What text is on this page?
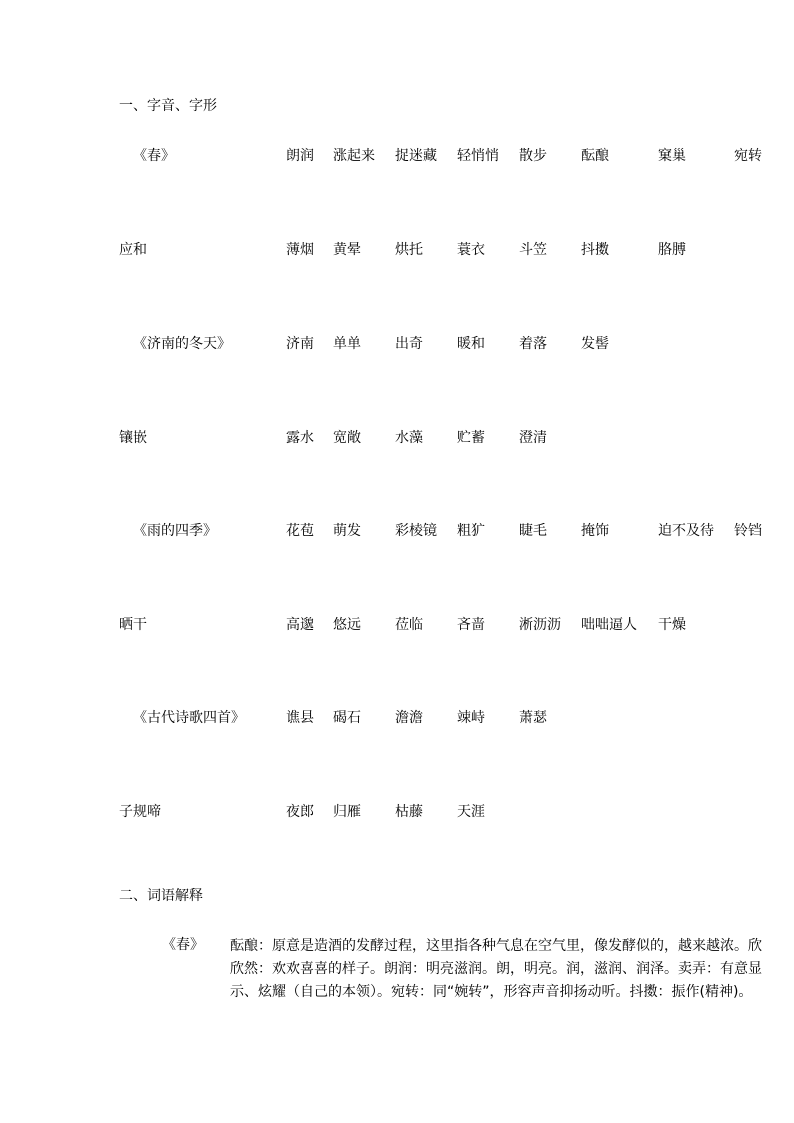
一、字音、字形
《春》	朗润 涨起来 捉迷藏 轻悄悄 散步 酝酿	窠巢	宛转
应和	薄烟 黄晕 烘托 蓑衣 斗笠 抖擞	胳膊
《济南的冬天》	济南 单单 出奇 暖和 着落 发髻
镶嵌	露水 宽敞 水藻 贮蓄 澄清
《雨的四季》	花苞 萌发 彩棱镜 粗犷 睫毛 掩饰	迫不及待 铃铛
晒干	高邈 悠远 莅临 吝啬 淅沥沥 咄咄逼人 干燥
《古代诗歌四首》	谯县 碣石 澹澹 竦峙 萧瑟
子规啼	夜郎 归雁 枯藤 天涯
二、词语解释
《春》 酝酿：原意是造酒的发酵过程，这里指各种气息在空气里，像发酵似的，越来越浓。欣
欣然：欢欢喜喜的样子。朗润：明亮滋润。朗，明亮。润，滋润、润泽。卖弄：有意显
示、炫耀（自己的本领）。宛转：同“婉转”，形容声音抑扬动听。抖擞：振作(精神)。
